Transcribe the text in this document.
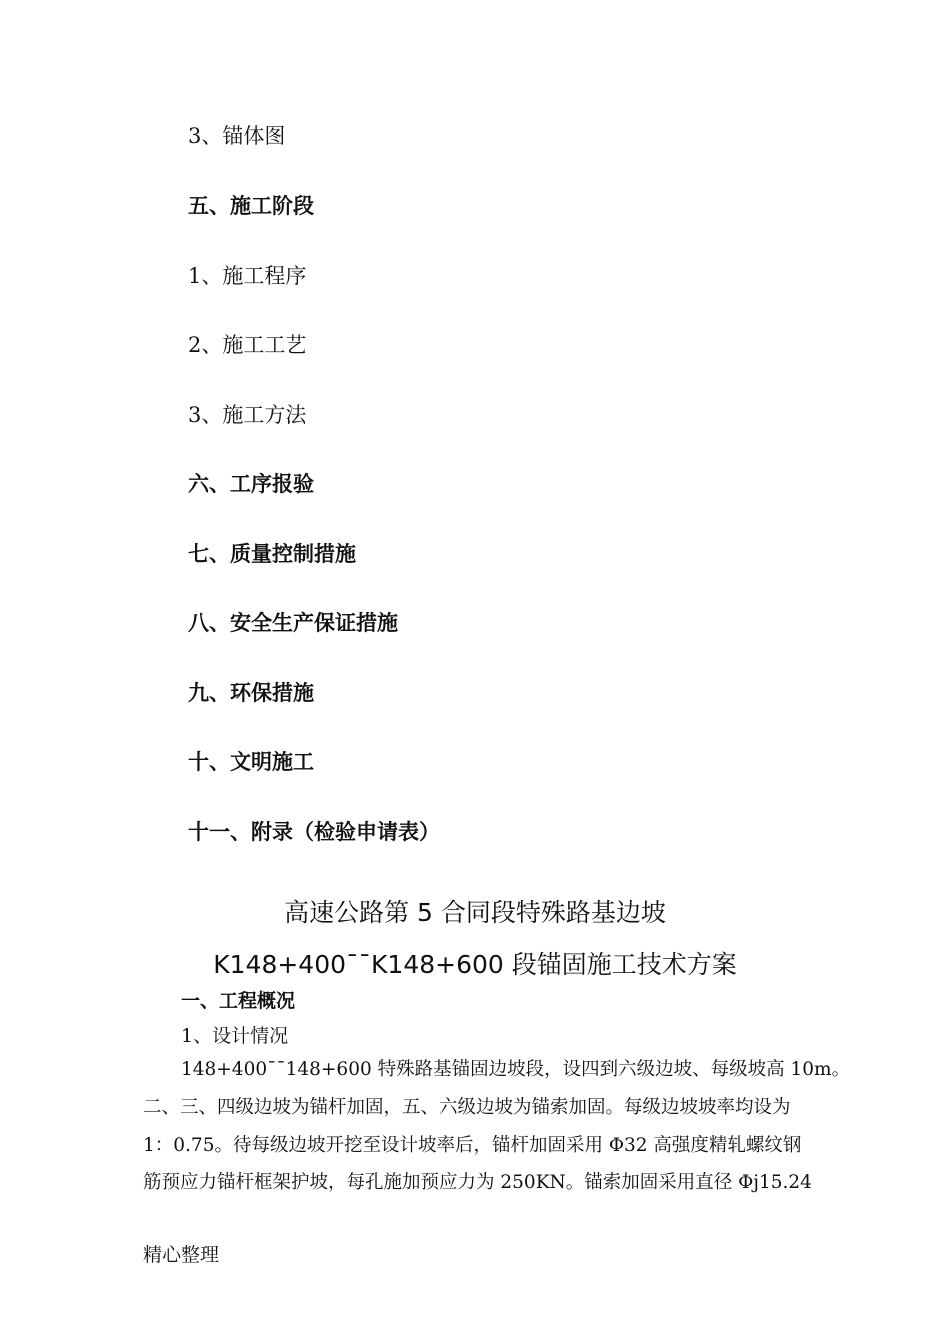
3、锚体图
五、施工阶段
1、施工程序
2、施工工艺
3、施工方法
六、工序报验
七、质量控制措施
八、安全生产保证措施
九、环保措施
十、文明施工
十一、附录（检验申请表）
高速公路第 5 合同段特殊路基边坡
K148+400¯¯K148+600 段锚固施工技术方案
一、工程概况
1、设计情况
148+400¯¯148+600 特殊路基锚固边坡段，设四到六级边坡、每级坡高 10m。
二、三、四级边坡为锚杆加固，五、六级边坡为锚索加固。每级边坡坡率均设为
1：0.75。待每级边坡开挖至设计坡率后，锚杆加固采用 Φ32 高强度精轧螺纹钢
筋预应力锚杆框架护坡，每孔施加预应力为 250KN。锚索加固采用直径 Φj15.24
精心整理
